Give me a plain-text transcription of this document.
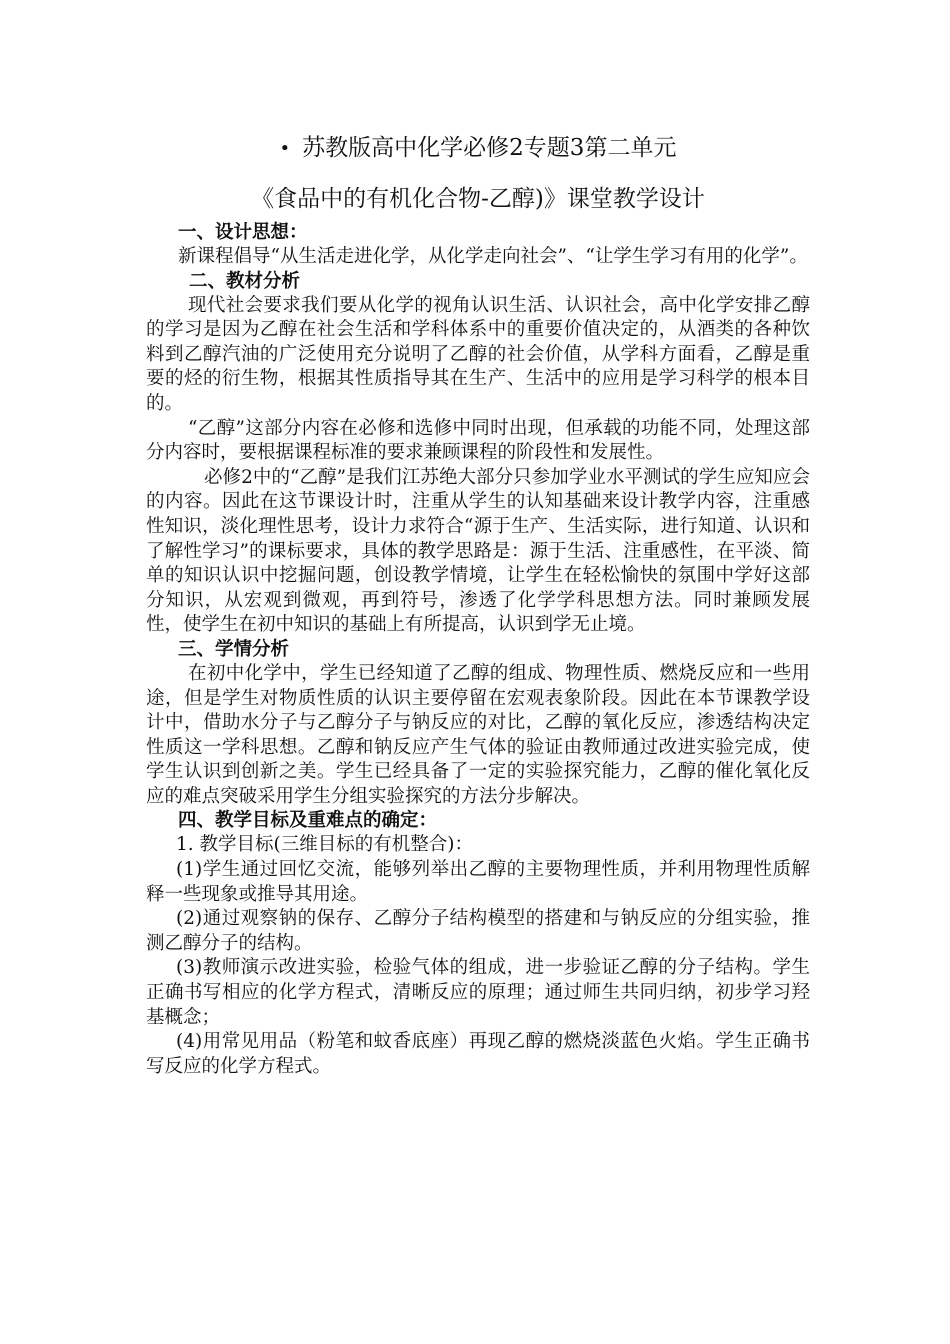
• 苏教版高中化学必修2专题3第二单元

《食品中的有机化合物-乙醇)》课堂教学设计

一、设计思想：

新课程倡导“从生活走进化学，从化学走向社会”、“让学生学习有用的化学”。

二、教材分析

现代社会要求我们要从化学的视角认识生活、认识社会，高中化学安排乙醇的学习是因为乙醇在社会生活和学科体系中的重要价值决定的，从酒类的各种饮料到乙醇汽油的广泛使用充分说明了乙醇的社会价值，从学科方面看，乙醇是重要的烃的衍生物，根据其性质指导其在生产、生活中的应用是学习科学的根本目的。

“乙醇”这部分内容在必修和选修中同时出现，但承载的功能不同，处理这部分内容时，要根据课程标准的要求兼顾课程的阶段性和发展性。

必修2中的“乙醇”是我们江苏绝大部分只参加学业水平测试的学生应知应会的内容。因此在这节课设计时，注重从学生的认知基础来设计教学内容，注重感性知识，淡化理性思考，设计力求符合“源于生产、生活实际，进行知道、认识和了解性学习”的课标要求，具体的教学思路是：源于生活、注重感性，在平淡、简单的知识认识中挖掘问题，创设教学情境，让学生在轻松愉快的氛围中学好这部分知识，从宏观到微观，再到符号，渗透了化学学科思想方法。同时兼顾发展性，使学生在初中知识的基础上有所提高，认识到学无止境。

三、学情分析

在初中化学中，学生已经知道了乙醇的组成、物理性质、燃烧反应和一些用途，但是学生对物质性质的认识主要停留在宏观表象阶段。因此在本节课教学设计中，借助水分子与乙醇分子与钠反应的对比，乙醇的氧化反应，渗透结构决定性质这一学科思想。乙醇和钠反应产生气体的验证由教师通过改进实验完成，使学生认识到创新之美。学生已经具备了一定的实验探究能力，乙醇的催化氧化反应的难点突破采用学生分组实验探究的方法分步解决。

四、教学目标及重难点的确定：

1. 教学目标(三维目标的有机整合)：

(1)学生通过回忆交流，能够列举出乙醇的主要物理性质，并利用物理性质解释一些现象或推导其用途。

(2)通过观察钠的保存、乙醇分子结构模型的搭建和与钠反应的分组实验，推测乙醇分子的结构。

(3)教师演示改进实验，检验气体的组成，进一步验证乙醇的分子结构。学生正确书写相应的化学方程式，清晰反应的原理；通过师生共同归纳，初步学习羟基概念；

(4)用常见用品（粉笔和蚊香底座）再现乙醇的燃烧淡蓝色火焰。学生正确书写反应的化学方程式。
